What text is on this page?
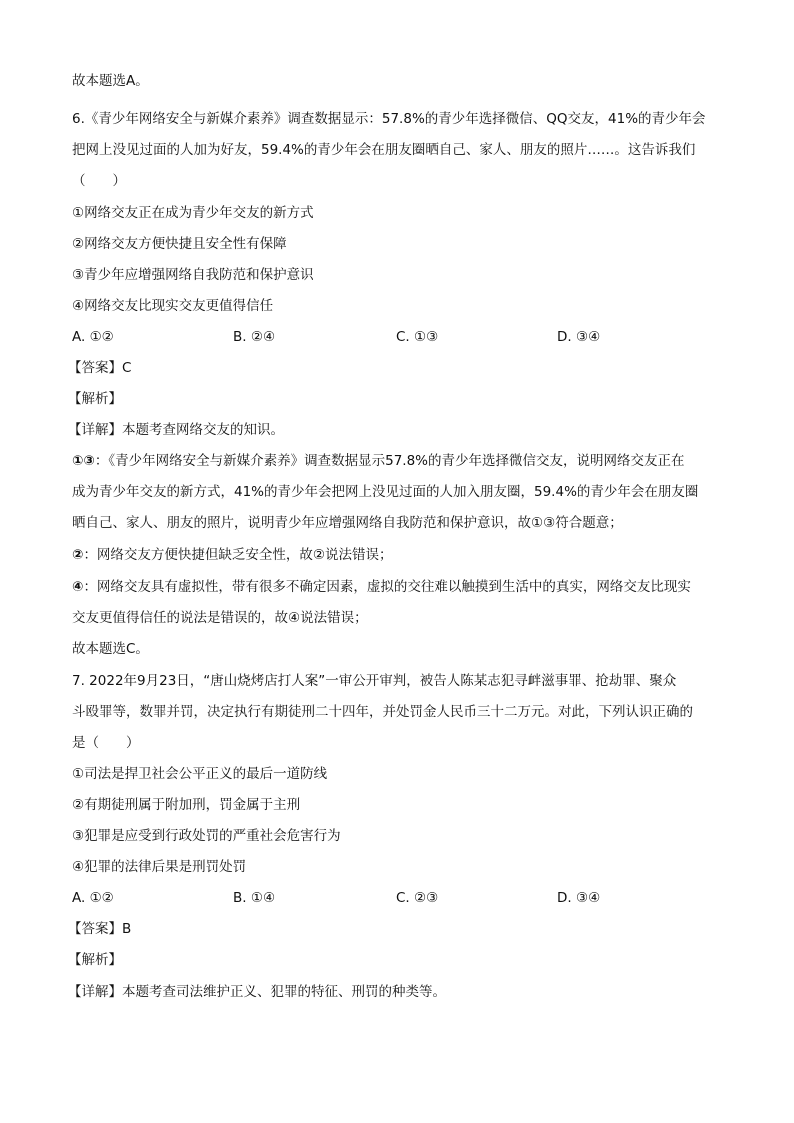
故本题选A。
6.《青少年网络安全与新媒介素养》调查数据显示：57.8%的青少年选择微信、QQ交友，41%的青少年会
把网上没见过面的人加为好友，59.4%的青少年会在朋友圈晒自己、家人、朋友的照片……。这告诉我们
（　　）
①网络交友正在成为青少年交友的新方式
②网络交友方便快捷且安全性有保障
③青少年应增强网络自我防范和保护意识
④网络交友比现实交友更值得信任
A. ①②	B. ②④	C. ①③	D. ③④
【答案】C
【解析】
【详解】本题考查网络交友的知识。
①③：《青少年网络安全与新媒介素养》调查数据显示57.8%的青少年选择微信交友，说明网络交友正在
成为青少年交友的新方式，41%的青少年会把网上没见过面的人加入朋友圈，59.4%的青少年会在朋友圈
晒自己、家人、朋友的照片，说明青少年应增强网络自我防范和保护意识，故①③符合题意；
②：网络交友方便快捷但缺乏安全性，故②说法错误；
④：网络交友具有虚拟性，带有很多不确定因素，虚拟的交往难以触摸到生活中的真实，网络交友比现实
交友更值得信任的说法是错误的，故④说法错误；
故本题选C。
7. 2022年9月23日，“唐山烧烤店打人案”一审公开审判，被告人陈某志犯寻衅滋事罪、抢劫罪、聚众
斗殴罪等，数罪并罚，决定执行有期徒刑二十四年，并处罚金人民币三十二万元。对此，下列认识正确的
是（　　）
①司法是捍卫社会公平正义的最后一道防线
②有期徒刑属于附加刑，罚金属于主刑
③犯罪是应受到行政处罚的严重社会危害行为
④犯罪的法律后果是刑罚处罚
A. ①②	B. ①④	C. ②③	D. ③④
【答案】B
【解析】
【详解】本题考查司法维护正义、犯罪的特征、刑罚的种类等。
